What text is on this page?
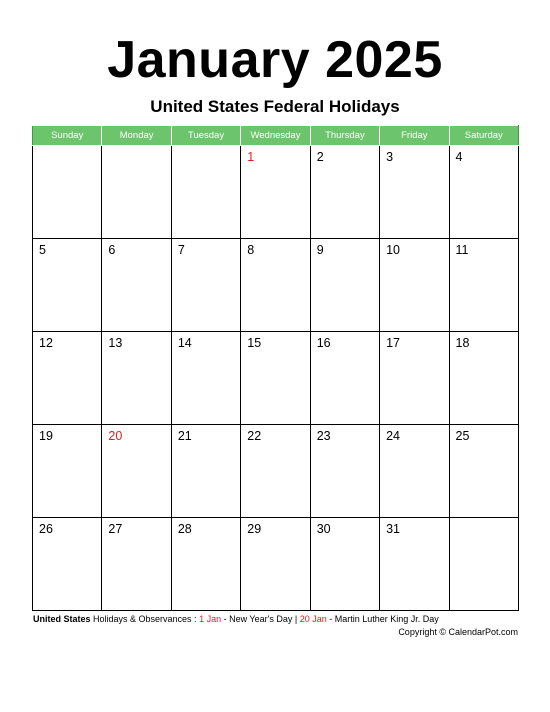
January 2025
United States Federal Holidays
Sunday	Monday	Tuesday	Wednesday	Thursday	Friday	Saturday

			1	2	3	4

5	6	7	8	9	10	11

12	13	14	15	16	17	18

19	20	21	22	23	24	25

26	27	28	29	30	31	

United States Holidays & Observances : 1 Jan - New Year's Day | 20 Jan - Martin Luther King Jr. Day
Copyright © CalendarPot.com
